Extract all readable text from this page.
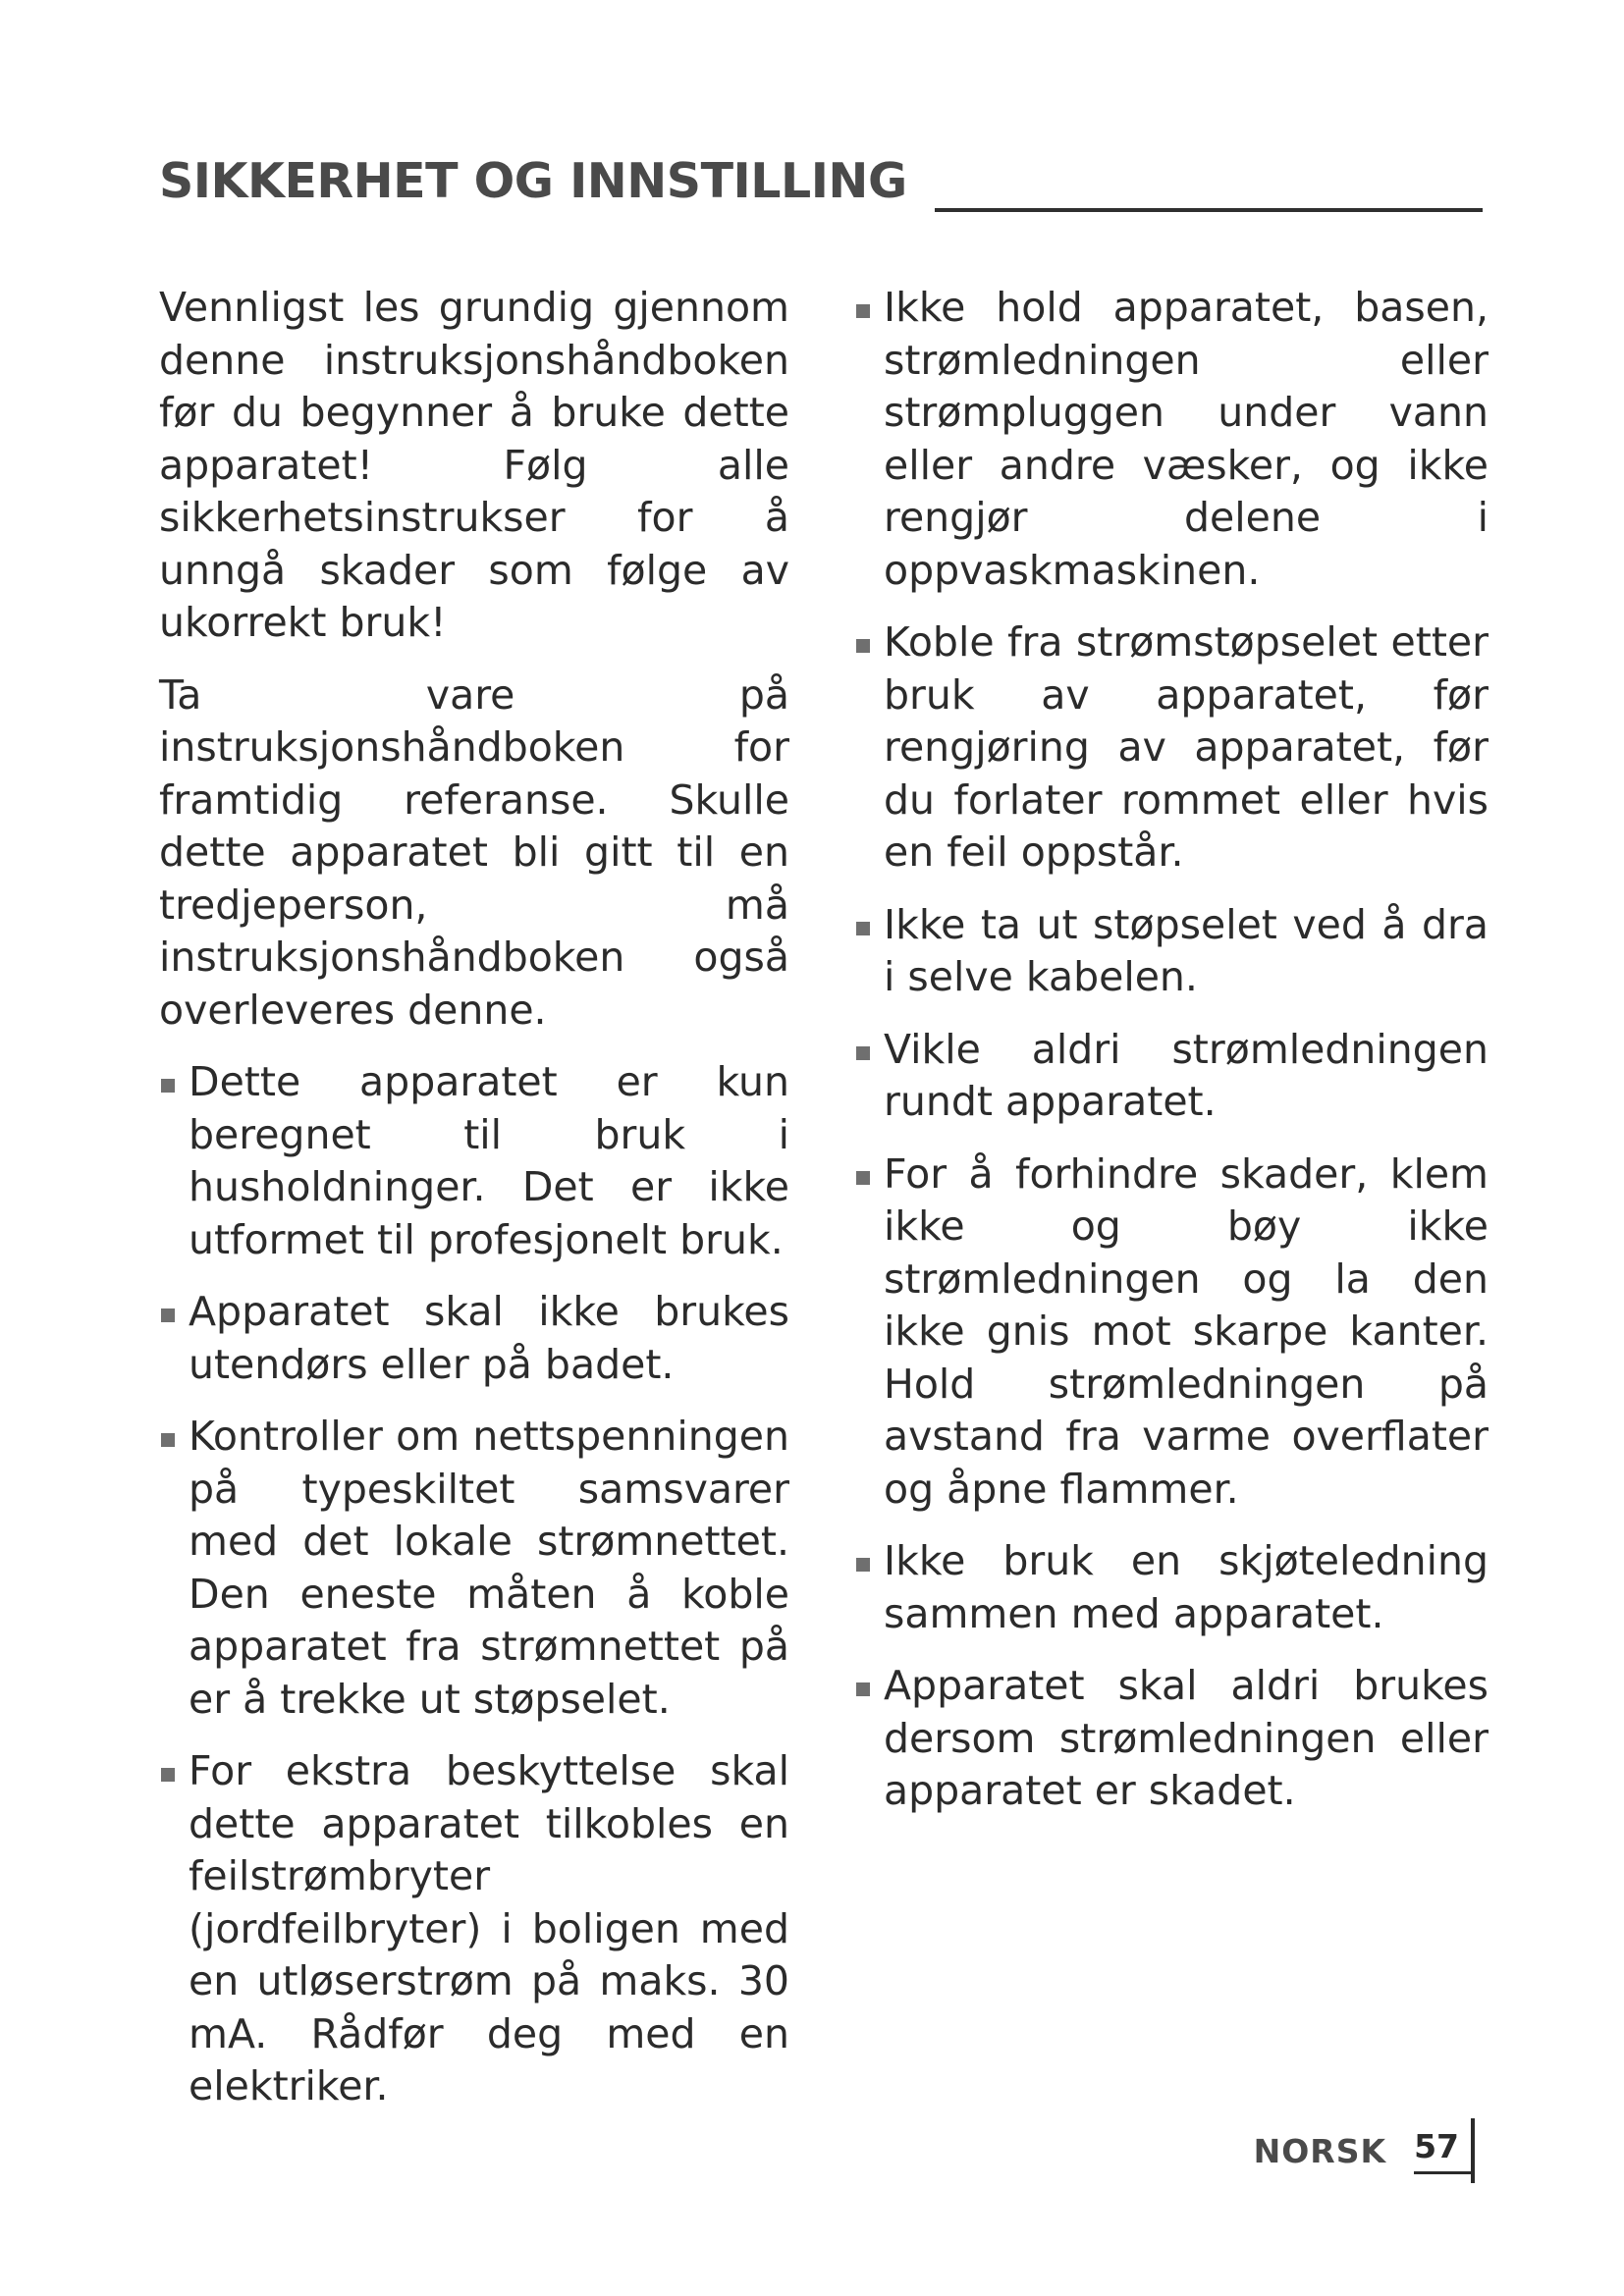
SIKKERHET OG INNSTILLING

Vennligst les grundig gjennom denne instruksjonshåndboken før du begynner å bruke dette apparatet! Følg alle sikkerhetsinstrukser for å unngå skader som følge av ukorrekt bruk!

Ta vare på instruksjonshåndboken for framtidig referanse. Skulle dette apparatet bli gitt til en tredjeperson, må instruksjonshåndboken også overleveres denne.

Dette apparatet er kun beregnet til bruk i husholdninger. Det er ikke utformet til profesjonelt bruk.
Apparatet skal ikke brukes utendørs eller på badet.
Kontroller om nettspenningen på typeskiltet samsvarer med det lokale strømnettet. Den eneste måten å koble apparatet fra strømnettet på er å trekke ut støpselet.
For ekstra beskyttelse skal dette apparatet tilkobles en feilstrømbryter (jordfeilbryter) i boligen med en utløserstrøm på maks. 30 mA. Rådfør deg med en elektriker.
Ikke hold apparatet, basen, strømledningen eller strømpluggen under vann eller andre væsker, og ikke rengjør delene i oppvaskmaskinen.
Koble fra strømstøpselet etter bruk av apparatet, før rengjøring av apparatet, før du forlater rommet eller hvis en feil oppstår.
Ikke ta ut støpselet ved å dra i selve kabelen.
Vikle aldri strømledningen rundt apparatet.
For å forhindre skader, klem ikke og bøy ikke strømledningen og la den ikke gnis mot skarpe kanter. Hold strømledningen på avstand fra varme overflater og åpne flammer.
Ikke bruk en skjøteledning sammen med apparatet.
Apparatet skal aldri brukes dersom strømledningen eller apparatet er skadet.
NORSK 57
